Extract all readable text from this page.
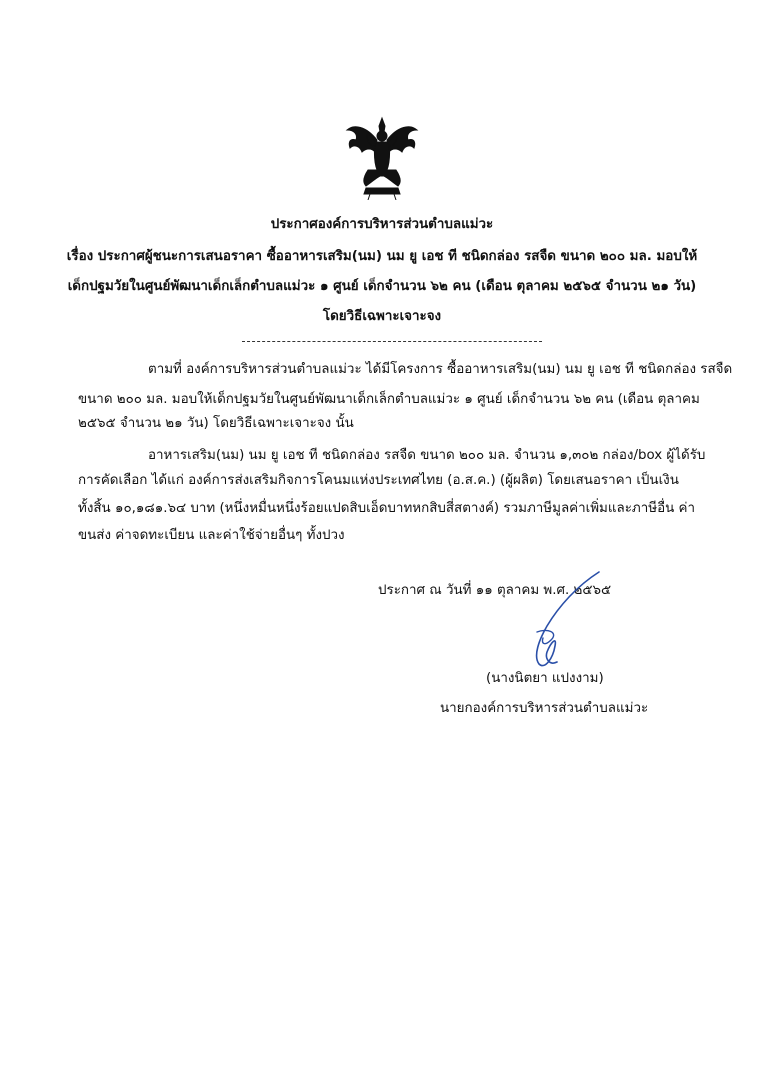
ประกาศองค์การบริหารส่วนตำบลแม่วะ
เรื่อง ประกาศผู้ชนะการเสนอราคา ซื้ออาหารเสริม(นม) นม ยู เอช ที ชนิดกล่อง รสจืด ขนาด ๒๐๐ มล. มอบให้
เด็กปฐมวัยในศูนย์พัฒนาเด็กเล็กตำบลแม่วะ ๑ ศูนย์ เด็กจำนวน ๖๒ คน (เดือน ตุลาคม ๒๕๖๕ จำนวน ๒๑ วัน)
โดยวิธีเฉพาะเจาะจง
ตามที่ องค์การบริหารส่วนตำบลแม่วะ ได้มีโครงการ ซื้ออาหารเสริม(นม) นม ยู เอช ที ชนิดกล่อง รสจืด
ขนาด ๒๐๐ มล. มอบให้เด็กปฐมวัยในศูนย์พัฒนาเด็กเล็กตำบลแม่วะ ๑ ศูนย์ เด็กจำนวน ๖๒ คน (เดือน ตุลาคม
๒๕๖๕ จำนวน ๒๑ วัน) โดยวิธีเฉพาะเจาะจง นั้น
อาหารเสริม(นม) นม ยู เอช ที ชนิดกล่อง รสจืด ขนาด ๒๐๐ มล. จำนวน ๑,๓๐๒ กล่อง/box ผู้ได้รับ
การคัดเลือก ได้แก่ องค์การส่งเสริมกิจการโคนมแห่งประเทศไทย (อ.ส.ค.) (ผู้ผลิต) โดยเสนอราคา เป็นเงิน
ทั้งสิ้น ๑๐,๑๘๑.๖๔ บาท (หนึ่งหมื่นหนึ่งร้อยแปดสิบเอ็ดบาทหกสิบสี่สตางค์) รวมภาษีมูลค่าเพิ่มและภาษีอื่น ค่า
ขนส่ง ค่าจดทะเบียน และค่าใช้จ่ายอื่นๆ ทั้งปวง
ประกาศ ณ วันที่ ๑๑ ตุลาคม พ.ศ. ๒๕๖๕
(นางนิตยา แปงงาม)
นายกองค์การบริหารส่วนตำบลแม่วะ
